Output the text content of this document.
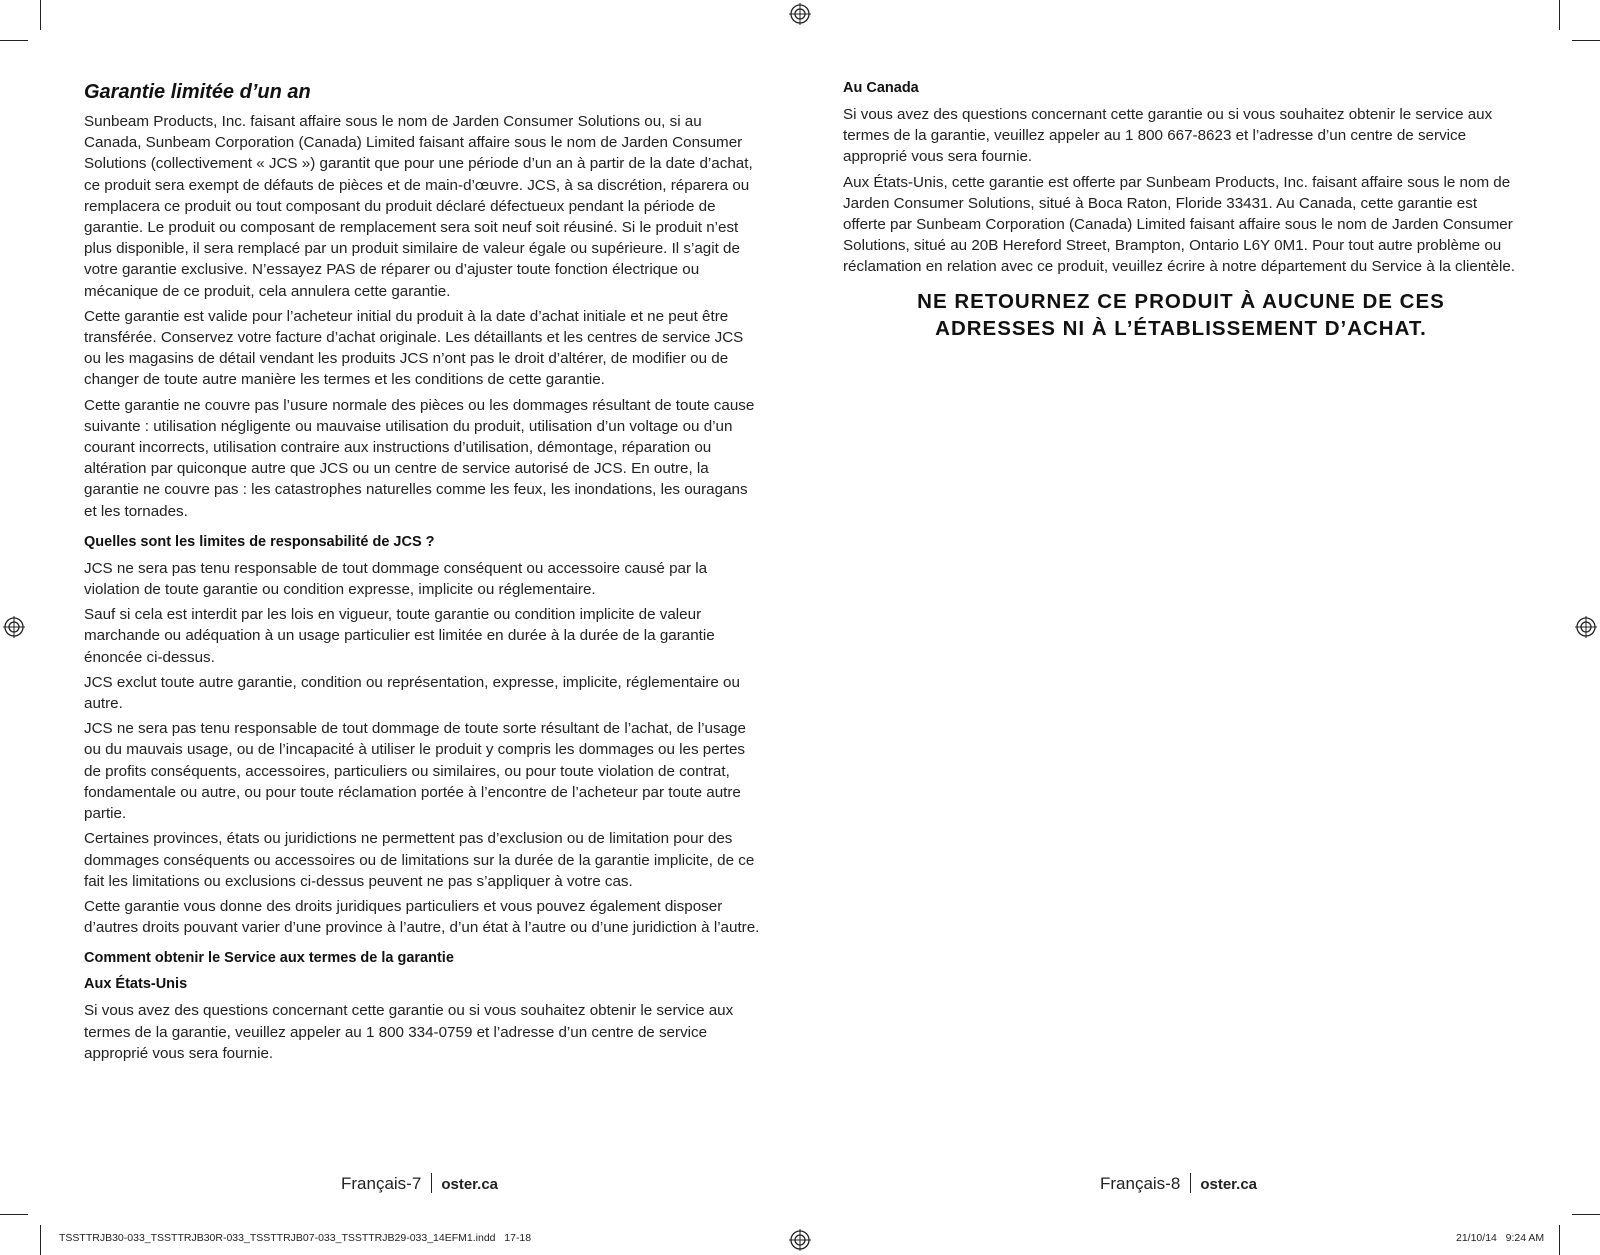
Garantie limitée d’un an

Sunbeam Products, Inc. faisant affaire sous le nom de Jarden Consumer Solutions ou, si au Canada, Sunbeam Corporation (Canada) Limited faisant affaire sous le nom de Jarden Consumer Solutions (collectivement « JCS ») garantit que pour une période d’un an à partir de la date d’achat, ce produit sera exempt de défauts de pièces et de main-d’œuvre. JCS, à sa discrétion, réparera ou remplacera ce produit ou tout composant du produit déclaré défectueux pendant la période de garantie. Le produit ou composant de remplacement sera soit neuf soit réusiné. Si le produit n’est plus disponible, il sera remplacé par un produit similaire de valeur égale ou supérieure. Il s’agit de votre garantie exclusive. N’essayez PAS de réparer ou d’ajuster toute fonction électrique ou mécanique de ce produit, cela annulera cette garantie.

Cette garantie est valide pour l’acheteur initial du produit à la date d’achat initiale et ne peut être transférée. Conservez votre facture d’achat originale. Les détaillants et les centres de service JCS ou les magasins de détail vendant les produits JCS n’ont pas le droit d’altérer, de modifier ou de changer de toute autre manière les termes et les conditions de cette garantie.

Cette garantie ne couvre pas l’usure normale des pièces ou les dommages résultant de toute cause suivante : utilisation négligente ou mauvaise utilisation du produit, utilisation d’un voltage ou d’un courant incorrects, utilisation contraire aux instructions d’utilisation, démontage, réparation ou altération par quiconque autre que JCS ou un centre de service autorisé de JCS. En outre, la garantie ne couvre pas : les catastrophes naturelles comme les feux, les inondations, les ouragans et les tornades.

Quelles sont les limites de responsabilité de JCS ?

JCS ne sera pas tenu responsable de tout dommage conséquent ou accessoire causé par la violation de toute garantie ou condition expresse, implicite ou réglementaire.

Sauf si cela est interdit par les lois en vigueur, toute garantie ou condition implicite de valeur marchande ou adéquation à un usage particulier est limitée en durée à la durée de la garantie énoncée ci-dessus.

JCS exclut toute autre garantie, condition ou représentation, expresse, implicite, réglementaire ou autre.

JCS ne sera pas tenu responsable de tout dommage de toute sorte résultant de l’achat, de l’usage ou du mauvais usage, ou de l’incapacité à utiliser le produit y compris les dommages ou les pertes de profits conséquents, accessoires, particuliers ou similaires, ou pour toute violation de contrat, fondamentale ou autre, ou pour toute réclamation portée à l’encontre de l’acheteur par toute autre partie.

Certaines provinces, états ou juridictions ne permettent pas d’exclusion ou de limitation pour des dommages conséquents ou accessoires ou de limitations sur la durée de la garantie implicite, de ce fait les limitations ou exclusions ci-dessus peuvent ne pas s’appliquer à votre cas.

Cette garantie vous donne des droits juridiques particuliers et vous pouvez également disposer d’autres droits pouvant varier d’une province à l’autre, d’un état à l’autre ou d’une juridiction à l’autre.

Comment obtenir le Service aux termes de la garantie
Aux États-Unis

Si vous avez des questions concernant cette garantie ou si vous souhaitez obtenir le service aux termes de la garantie, veuillez appeler au 1 800 334-0759 et l’adresse d’un centre de service approprié vous sera fournie.

Au Canada

Si vous avez des questions concernant cette garantie ou si vous souhaitez obtenir le service aux termes de la garantie, veuillez appeler au 1 800 667-8623 et l’adresse d’un centre de service approprié vous sera fournie.

Aux États-Unis, cette garantie est offerte par Sunbeam Products, Inc. faisant affaire sous le nom de Jarden Consumer Solutions, situé à Boca Raton, Floride 33431. Au Canada, cette garantie est offerte par Sunbeam Corporation (Canada) Limited faisant affaire sous le nom de Jarden Consumer Solutions, situé au 20B Hereford Street, Brampton, Ontario L6Y 0M1. Pour tout autre problème ou réclamation en relation avec ce produit, veuillez écrire à notre département du Service à la clientèle.

NE RETOURNEZ CE PRODUIT À AUCUNE DE CES
ADRESSES NI À L’ÉTABLISSEMENT D’ACHAT.
Français-7 oster.ca	Français-8 oster.ca
TSSTTRJB30-033_TSSTTRJB30R-033_TSSTTRJB07-033_TSSTTRJB29-033_14EFM1.indd   17-18	21/10/14   9:24 AM
